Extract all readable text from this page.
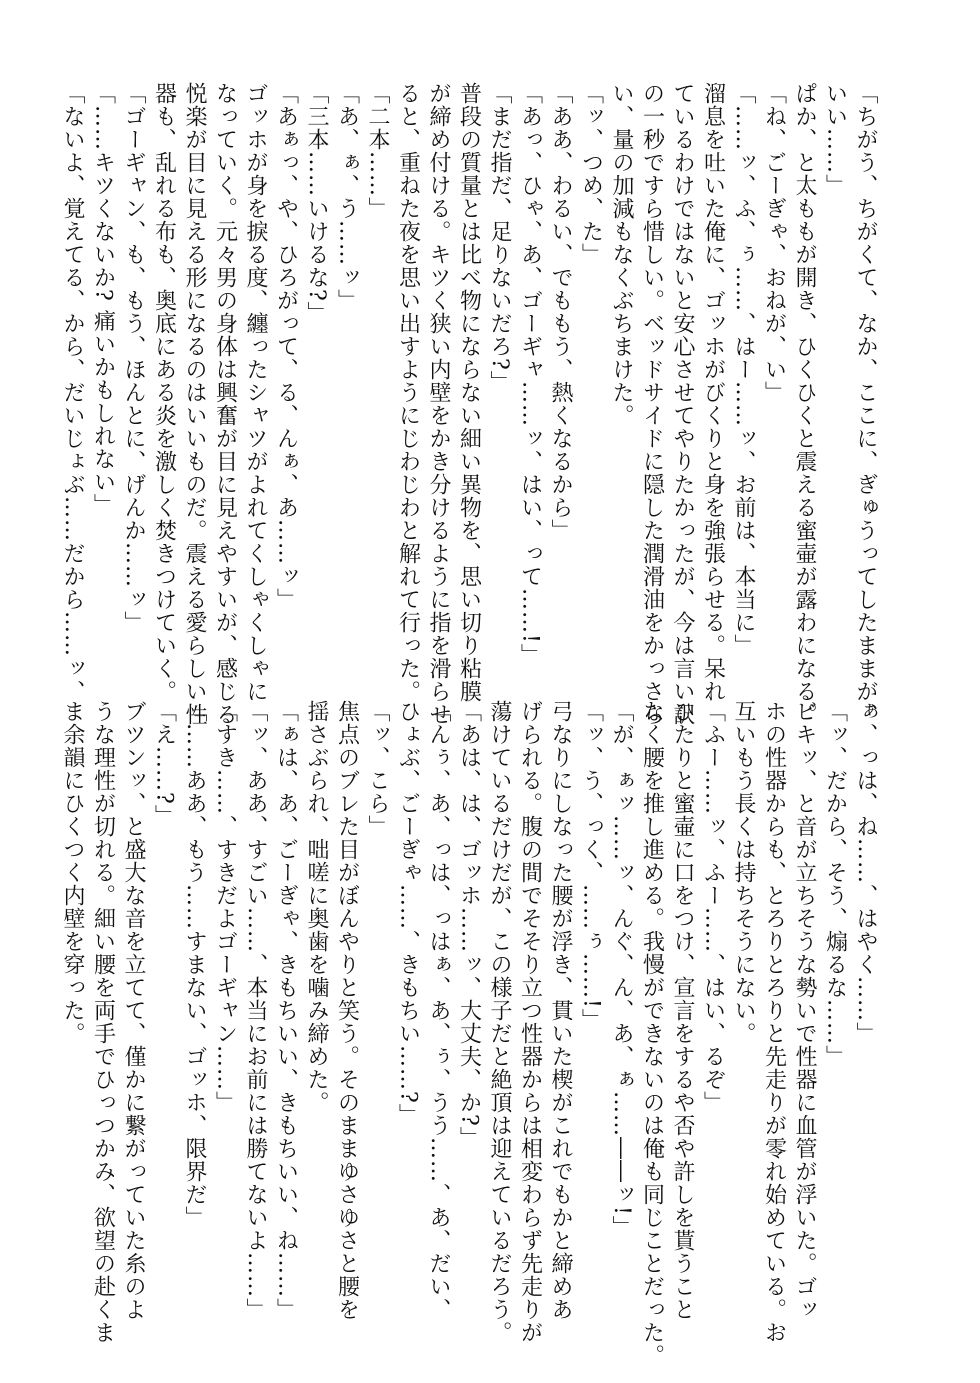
「ちがう、ちがくて、なか、ここに、ぎゅうってしたままが、
いい……」
ぱか、と太ももが開き、ひくひくと震える蜜壷が露わになる。
「ね、ごーぎゃ、おねが、い」
「……ッ、ふ、ぅ……、はー……ッ、お前は、本当に」
溜息を吐いた俺に、ゴッホがびくりと身を強張らせる。呆れ
ているわけではないと安心させてやりたかったが、今は言い訳
の一秒ですら惜しい。ベッドサイドに隠した潤滑油をかっさら
い、量の加減もなくぶちまけた。
「ッ、つめ、た」
「ああ、わるい、でももう、熱くなるから」
「あっ、ひゃ、あ、ゴーギャ……ッ、はい、って……!」
「まだ指だ、足りないだろ?」
普段の質量とは比べ物にならない細い異物を、思い切り粘膜
が締め付ける。キツく狭い内壁をかき分けるように指を滑らせ
ると、重ねた夜を思い出すようにじわじわと解れて行った。
「二本……」
「あ、ぁ、う……ッ」
「三本……いけるな?」
「あぁっ、や、ひろがって、る、んぁ、あ……ッ」
ゴッホが身を捩る度、纏ったシャツがよれてくしゃくしゃに
なっていく。元々男の身体は興奮が目に見えやすいが、感じる
悦楽が目に見える形になるのはいいものだ。震える愛らしい性
器も、乱れる布も、奥底にある炎を激しく焚きつけていく。
「ゴーギャン、も、もう、ほんとに、げんか……ッ」
「……キツくないか? 痛いかもしれない」
「ないよ、覚えてる、から、だいじょぶ……だから……ッ、
ぁ、っは、ね……、はやく……」
「ッ、だから、そう、煽るな……」
ビキッ、と音が立ちそうな勢いで性器に血管が浮いた。ゴッ
ホの性器からも、とろりとろりと先走りが零れ始めている。お
互いもう長くは持ちそうにない。
「ふー……ッ、ふー……、はい、るぞ」
ひたりと蜜壷に口をつけ、宣言をするや否や許しを貰うこと
なく腰を推し進める。我慢ができないのは俺も同じことだった。
「が、ぁッ……ッ、んぐ、ん、あ、ぁ……――ッ!」
「ッ、う、っく、……ぅ……!」
弓なりにしなった腰が浮き、貫いた楔がこれでもかと締めあ
げられる。腹の間でそそり立つ性器からは相変わらず先走りが
蕩けているだけだが、この様子だと絶頂は迎えているだろう。
「あは、は、ゴッホ……ッ、大丈夫、か?」
「んぅ、あ、っは、っはぁ、あ、ぅ、うう……、あ、だい、
ひょぶ、ごーぎゃ……、きもちい……?」
「ッ、こら」
焦点のブレた目がぼんやりと笑う。そのままゆさゆさと腰を
揺さぶられ、咄嗟に奥歯を噛み締めた。
「ぁは、あ、ごーぎゃ、きもちいい、きもちいい、ね……」
「ッ、ああ、すごい……、本当にお前には勝てないよ……」
「すき……、すきだよゴーギャン……」
「……ああ、もう……すまない、ゴッホ、限界だ」
「え……?」
ブツンッ、と盛大な音を立てて、僅かに繋がっていた糸のよ
うな理性が切れる。細い腰を両手でひっつかみ、欲望の赴くま
ま余韻にひくつく内壁を穿った。
